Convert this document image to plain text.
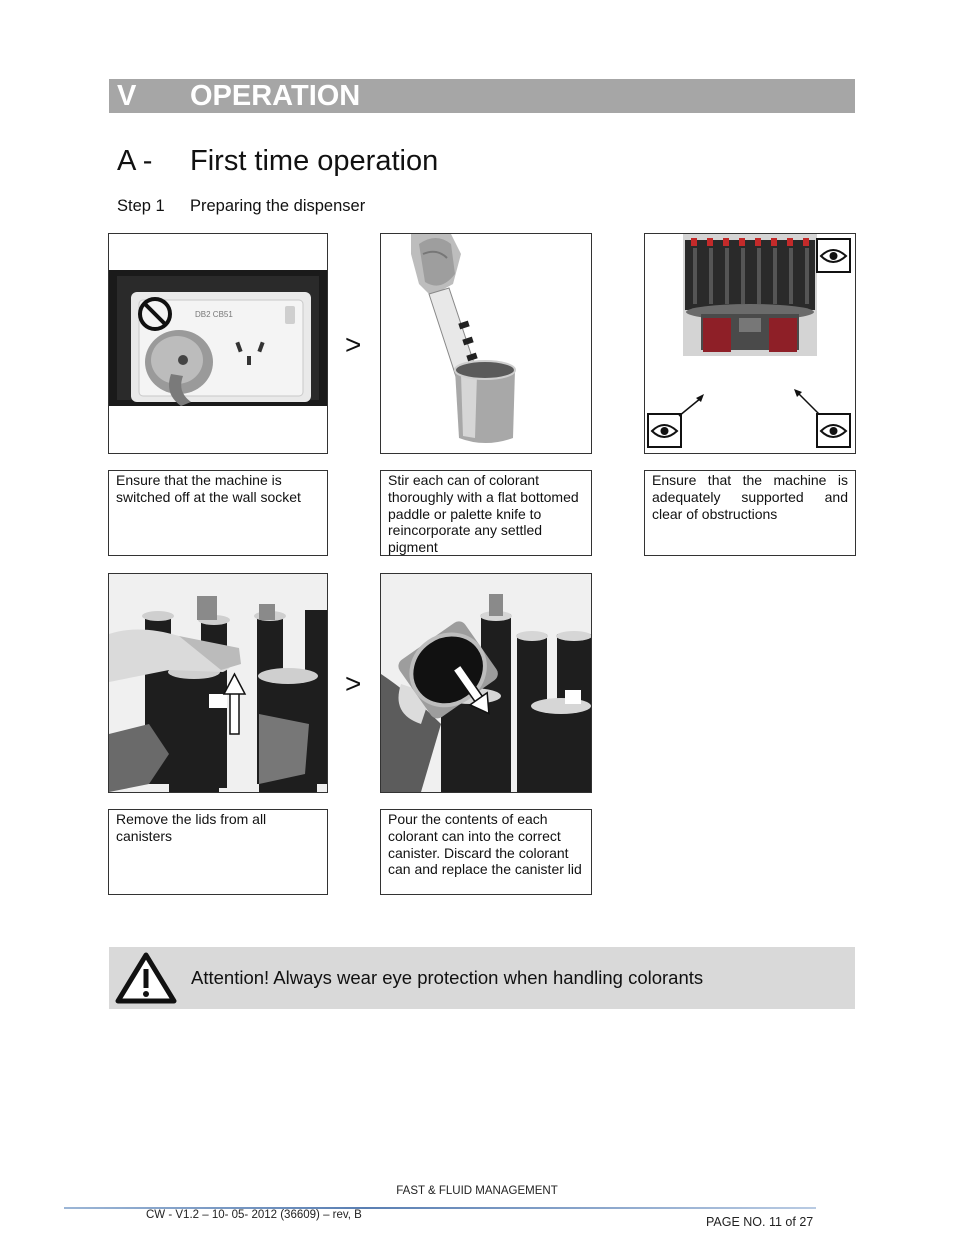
V OPERATION
A - First time operation
Step 1 Preparing the dispenser
DB2 CB51
>
Ensure that the machine is switched off at the wall socket
Stir each can of colorant thoroughly with a flat bottomed paddle or palette knife to reincorporate any settled pigment
Ensure that the machine is adequately supported and clear of obstructions
>
Remove the lids from all canisters
Pour the contents of each colorant can into the correct canister. Discard the colorant can and replace the canister lid
Attention! Always wear eye protection when handling colorants
FAST & FLUID MANAGEMENT
CW - V1.2 – 10- 05- 2012 (36609) – rev, B	PAGE NO. 11 of 27
